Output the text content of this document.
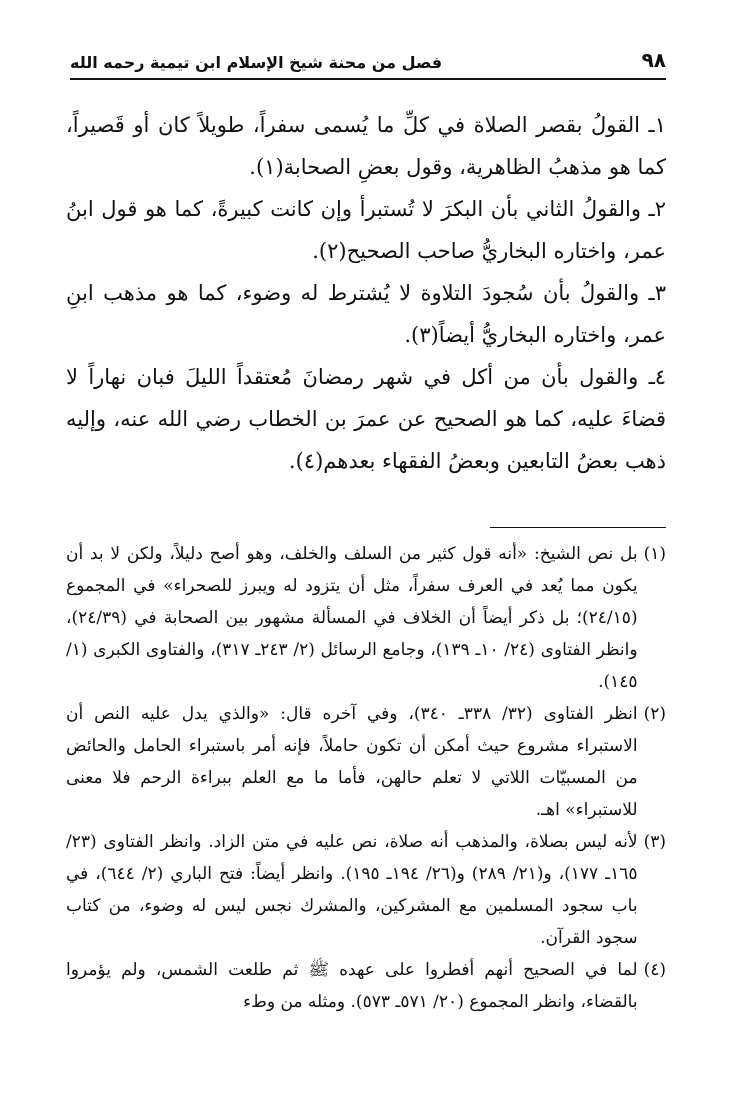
٩٨
فصل من محنة شيخ الإسلام ابن تيمية رحمه الله

١ـ القولُ بقصر الصلاة في كلِّ ما يُسمى سفراً، طويلاً كان أو قَصيراً، كما هو مذهبُ الظاهرية، وقول بعضِ الصحابة(١).

٢ـ والقولُ الثاني بأن البكرَ لا تُستبرأ وإن كانت كبيرةً، كما هو قول ابنُ عمر، واختاره البخاريُّ صاحب الصحيح(٢).

٣ـ والقولُ بأن سُجودَ التلاوة لا يُشترط له وضوء، كما هو مذهب ابنِ عمر، واختاره البخاريُّ أيضاً(٣).

٤ـ والقول بأن من أكل في شهر رمضانَ مُعتقداً الليلَ فبان نهاراً لا قضاءَ عليه، كما هو الصحيح عن عمرَ بن الخطاب رضي الله عنه، وإليه ذهب بعضُ التابعين وبعضُ الفقهاء بعدهم(٤).

(١)
بل نص الشيخ: «أنه قول كثير من السلف والخلف، وهو أصح دليلاً، ولكن لا بد أن يكون مما يُعد في العرف سفراً، مثل أن يتزود له ويبرز للصحراء» في المجموع (٢٤/١٥)؛ بل ذكر أيضاً أن الخلاف في المسألة مشهور بين الصحابة في (٢٤/٣٩)، وانظر الفتاوى (٢٤/ ١٠ـ ١٣٩)، وجامع الرسائل (٢/ ٢٤٣ـ ٣١٧)، والفتاوى الكبرى (١/ ١٤٥).
(٢)
انظر الفتاوى (٣٢/ ٣٣٨ـ ٣٤٠)، وفي آخره قال: «والذي يدل عليه النص أن الاستبراء مشروع حيث أمكن أن تكون حاملاً، فإنه أمر باستبراء الحامل والحائض من المسبيّات اللاتي لا تعلم حالهن، فأما ما مع العلم ببراءة الرحم فلا معنى للاستبراء» اهـ.
(٣)
لأنه ليس بصلاة، والمذهب أنه صلاة، نص عليه في متن الزاد. وانظر الفتاوى (٢٣/ ١٦٥ـ ١٧٧)، و(٢١/ ٢٨٩) و(٢٦/ ١٩٤ـ ١٩٥). وانظر أيضاً: فتح الباري (٢/ ٦٤٤)، في باب سجود المسلمين مع المشركين، والمشرك نجس ليس له وضوء، من كتاب سجود القرآن.
(٤)
لما في الصحيح أنهم أفطروا على عهده ﷺ ثم طلعت الشمس، ولم يؤمروا بالقضاء، وانظر المجموع (٢٠/ ٥٧١ـ ٥٧٣). ومثله من وطء
